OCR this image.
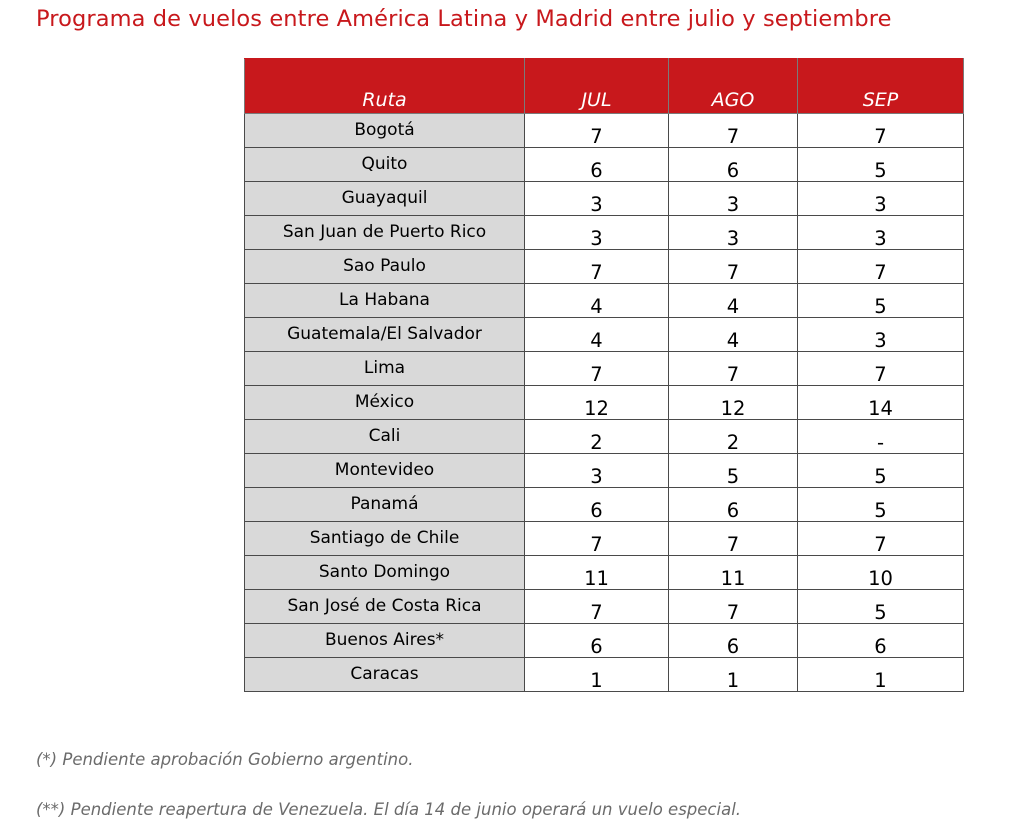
Programa de vuelos entre América Latina y Madrid entre julio y septiembre
Ruta	JUL	AGO	SEP
Bogotá	7	7	7
Quito	6	6	5
Guayaquil	3	3	3
San Juan de Puerto Rico	3	3	3
Sao Paulo	7	7	7
La Habana	4	4	5
Guatemala/El Salvador	4	4	3
Lima	7	7	7
México	12	12	14
Cali	2	2	-
Montevideo	3	5	5
Panamá	6	6	5
Santiago de Chile	7	7	7
Santo Domingo	11	11	10
San José de Costa Rica	7	7	5
Buenos Aires*	6	6	6
Caracas	1	1	1

(*) Pendiente aprobación Gobierno argentino.

(**) Pendiente reapertura de Venezuela. El día 14 de junio operará un vuelo especial.
